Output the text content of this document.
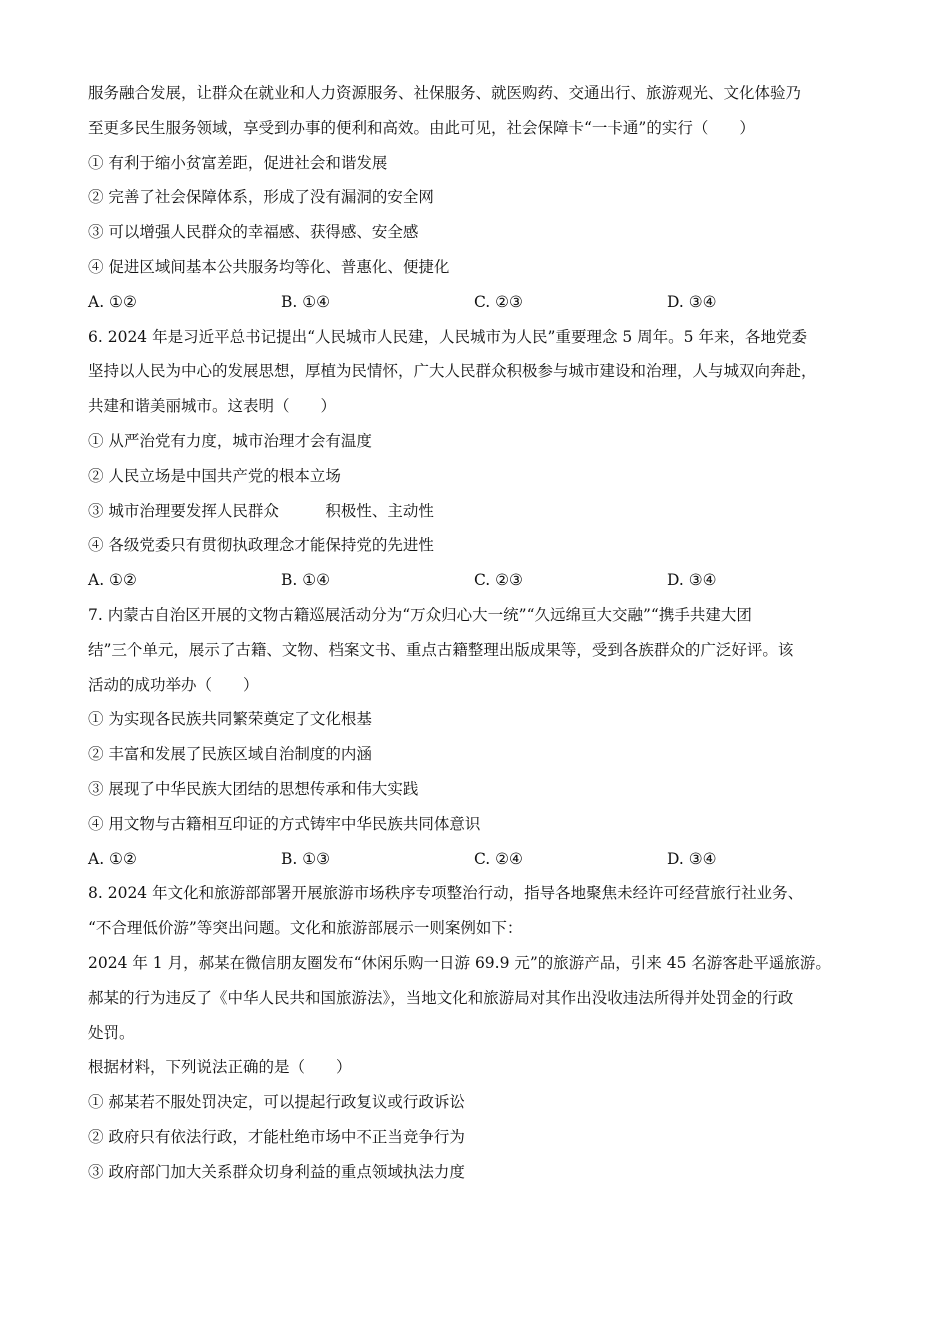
服务融合发展，让群众在就业和人力资源服务、社保服务、就医购药、交通出行、旅游观光、文化体验乃
至更多民生服务领域，享受到办事的便利和高效。由此可见，社会保障卡“一卡通”的实行（　　）
① 有利于缩小贫富差距，促进社会和谐发展
② 完善了社会保障体系，形成了没有漏洞的安全网
③ 可以增强人民群众的幸福感、获得感、安全感
④ 促进区域间基本公共服务均等化、普惠化、便捷化
A. ①②	B. ①④	C. ②③	D. ③④
6. 2024 年是习近平总书记提出“人民城市人民建，人民城市为人民”重要理念 5 周年。5 年来，各地党委
坚持以人民为中心的发展思想，厚植为民情怀，广大人民群众积极参与城市建设和治理，人与城双向奔赴，
共建和谐美丽城市。这表明（　　）
① 从严治党有力度，城市治理才会有温度
② 人民立场是中国共产党的根本立场
③ 城市治理要发挥人民群众　　　积极性、主动性
④ 各级党委只有贯彻执政理念才能保持党的先进性
A. ①②	B. ①④	C. ②③	D. ③④
7. 内蒙古自治区开展的文物古籍巡展活动分为“万众归心大一统”“久远绵亘大交融”“携手共建大团
结”三个单元，展示了古籍、文物、档案文书、重点古籍整理出版成果等，受到各族群众的广泛好评。该
活动的成功举办（　　）
① 为实现各民族共同繁荣奠定了文化根基
② 丰富和发展了民族区域自治制度的内涵
③ 展现了中华民族大团结的思想传承和伟大实践
④ 用文物与古籍相互印证的方式铸牢中华民族共同体意识
A. ①②	B. ①③	C. ②④	D. ③④
8. 2024 年文化和旅游部部署开展旅游市场秩序专项整治行动，指导各地聚焦未经许可经营旅行社业务、
“不合理低价游”等突出问题。文化和旅游部展示一则案例如下：
2024 年 1 月，郝某在微信朋友圈发布“休闲乐购一日游 69.9 元”的旅游产品，引来 45 名游客赴平遥旅游。
郝某的行为违反了《中华人民共和国旅游法》，当地文化和旅游局对其作出没收违法所得并处罚金的行政
处罚。
根据材料，下列说法正确的是（　　）
① 郝某若不服处罚决定，可以提起行政复议或行政诉讼
② 政府只有依法行政，才能杜绝市场中不正当竞争行为
③ 政府部门加大关系群众切身利益的重点领域执法力度
